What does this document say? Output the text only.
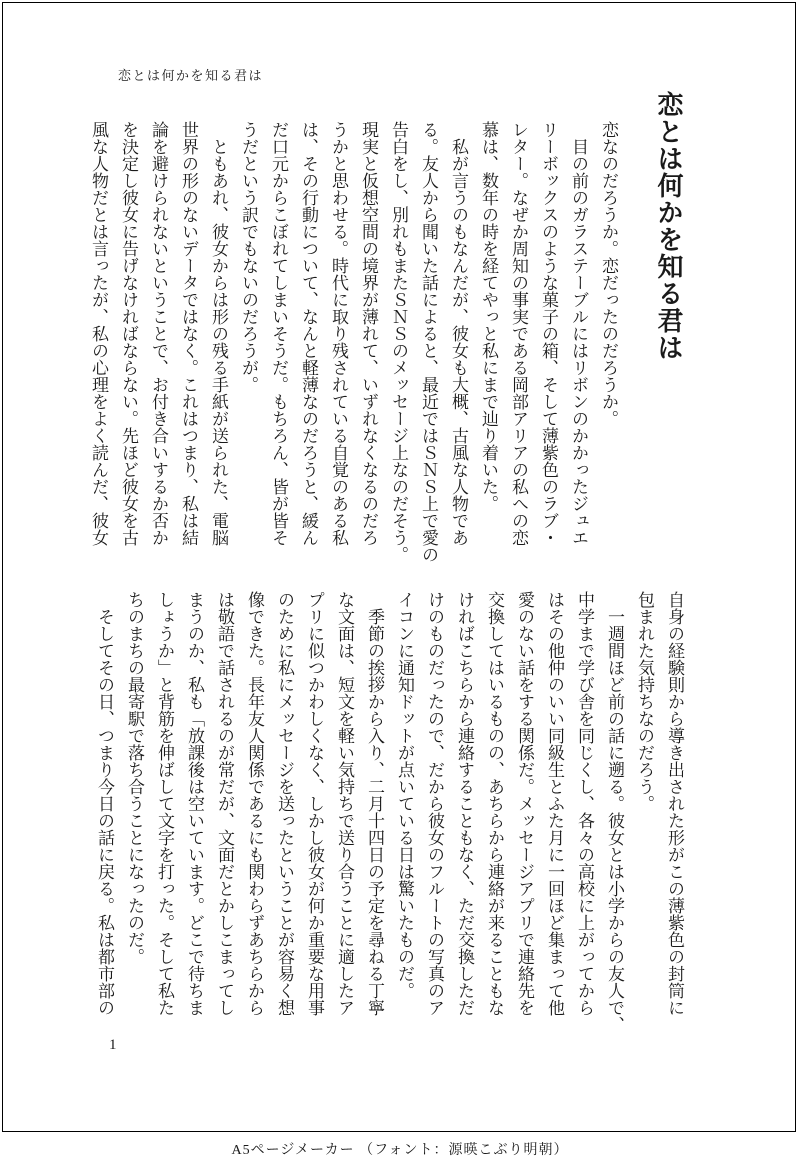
恋とは何かを知る君は
恋とは何かを知る君は
恋なのだろうか。恋だったのだろうか。
　目の前のガラステーブルにはリボンのかかったジュエ
リーボックスのような菓子の箱、そして薄紫色のラブ・
レター。なぜか周知の事実である岡部アリアの私への恋
慕は、数年の時を経てやっと私にまで辿り着いた。
　私が言うのもなんだが、彼女も大概、古風な人物であ
る。友人から聞いた話によると、最近ではＳＮＳ上で愛の
告白をし、別れもまたＳＮＳのメッセージ上なのだそう。
現実と仮想空間の境界が薄れて、いずれなくなるのだろ
うかと思わせる。時代に取り残されている自覚のある私
は、その行動について、なんと軽薄なのだろうと、緩ん
だ口元からこぼれてしまいそうだ。もちろん、皆が皆そ
うだという訳でもないのだろうが。
　ともあれ、彼女からは形の残る手紙が送られた、電脳
世界の形のないデータではなく。これはつまり、私は結
論を避けられないということで、お付き合いするか否か
を決定し彼女に告げなければならない。先ほど彼女を古
風な人物だとは言ったが、私の心理をよく読んだ、彼女
自身の経験則から導き出された形がこの薄紫色の封筒に
包まれた気持ちなのだろう。
　一週間ほど前の話に遡る。彼女とは小学からの友人で、
中学まで学び舎を同じくし、各々の高校に上がってから
はその他仲のいい同級生とふた月に一回ほど集まって他
愛のない話をする関係だ。メッセージアプリで連絡先を
交換してはいるものの、あちらから連絡が来ることもな
ければこちらから連絡することもなく、ただ交換しただ
けのものだったので、だから彼女のフルートの写真のア
イコンに通知ドットが点いている日は驚いたものだ。
　季節の挨拶から入り、二月十四日の予定を尋ねる丁寧
な文面は、短文を軽い気持ちで送り合うことに適したア
プリに似つかわしくなく、しかし彼女が何か重要な用事
のために私にメッセージを送ったということが容易く想
像できた。長年友人関係であるにも関わらずあちらから
は敬語で話されるのが常だが、文面だとかしこまってし
まうのか、私も「放課後は空いています。どこで待ちま
しょうか」と背筋を伸ばして文字を打った。そして私た
ちのまちの最寄駅で落ち合うことになったのだ。
　そしてその日、つまり今日の話に戻る。私は都市部の
1
A5ページメーカー （フォント：源暎こぶり明朝）
